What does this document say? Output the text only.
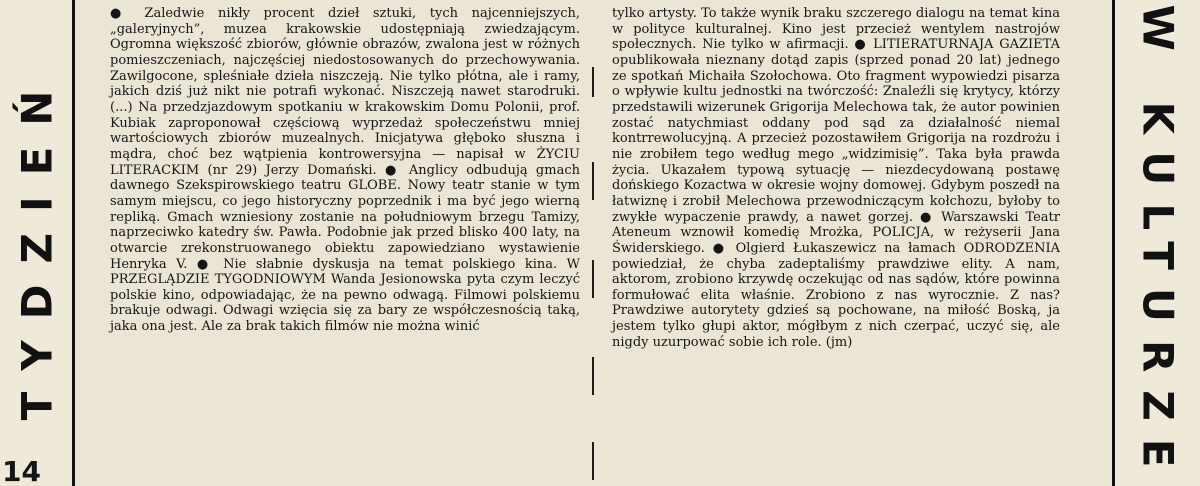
TYDZIEŃ
14

● Zaledwie nikły procent dzieł sztuki, tych najcenniejszych, „galeryjnych”, muzea krakowskie udostępniają zwiedzającym. Ogromna większość zbiorów, głównie obrazów, zwalona jest w różnych pomieszczeniach, najczęściej niedostosowanych do przechowywania. Zawilgocone, spleśniałe dzieła niszczeją. Nie tylko płótna, ale i ramy, jakich dziś już nikt nie potrafi wykonać. Niszczeją nawet starodruki. (...) Na przedzjazdowym spotkaniu w krakowskim Domu Polonii, prof. Kubiak zaproponował częściową wyprzedaż społeczeństwu mniej wartościowych zbiorów muzealnych. Inicjatywa głęboko słuszna i mądra, choć bez wątpienia kontrowersyjna — napisał w ŻYCIU LITERACKIM (nr 29) Jerzy Domański. ● Anglicy odbudują gmach dawnego Szekspirowskiego teatru GLOBE. Nowy teatr stanie w tym samym miejscu, co jego historyczny poprzednik i ma być jego wierną repliką. Gmach wzniesiony zostanie na południowym brzegu Tamizy, naprzeciwko katedry św. Pawła. Podobnie jak przed blisko 400 laty, na otwarcie zrekonstruowanego obiektu zapowiedziano wystawienie Henryka V. ● Nie słabnie dyskusja na temat polskiego kina. W PRZEGLĄDZIE TYGODNIOWYM Wanda Jesionowska pyta czym leczyć polskie kino, odpowiadając, że na pewno odwagą. Filmowi polskiemu brakuje odwagi. Odwagi wzięcia się za bary ze współczesnością taką, jaka ona jest. Ale za brak takich filmów nie można winić

tylko artysty. To także wynik braku szczerego dialogu na temat kina w polityce kulturalnej. Kino jest przecież wentylem nastrojów społecznych. Nie tylko w afirmacji. ● LITIERATURNAJA GAZIETA opublikowała nieznany dotąd zapis (sprzed ponad 20 lat) jednego ze spotkań Michaiła Szołochowa. Oto fragment wypowiedzi pisarza o wpływie kultu jednostki na twórczość: Znaleźli się krytycy, którzy przedstawili wizerunek Grigorija Melechowa tak, że autor powinien zostać natychmiast oddany pod sąd za działalność niemal kontrrewolucyjną. A przecież pozostawiłem Grigorija na rozdrożu i nie zrobiłem tego według mego „widzimisię”. Taka była prawda życia. Ukazałem typową sytuację — niezdecydowaną postawę dońskiego Kozactwa w okresie wojny domowej. Gdybym poszedł na łatwiznę i zrobił Melechowa przewodniczącym kołchozu, byłoby to zwykłe wypaczenie prawdy, a nawet gorzej. ● Warszawski Teatr Ateneum wznowił komedię Mrożka, POLICJA, w reżyserii Jana Świderskiego. ● Olgierd Łukaszewicz na łamach ODRODZENIA powiedział, że chyba zadeptaliśmy prawdziwe elity. A nam, aktorom, zrobiono krzywdę oczekując od nas sądów, które powinna formułować elita właśnie. Zrobiono z nas wyrocznie. Z nas? Prawdziwe autorytety gdzieś są pochowane, na miłość Boską, ja jestem tylko głupi aktor, mógłbym z nich czerpać, uczyć się, ale nigdy uzurpować sobie ich role. (jm)	W KULTURZE
